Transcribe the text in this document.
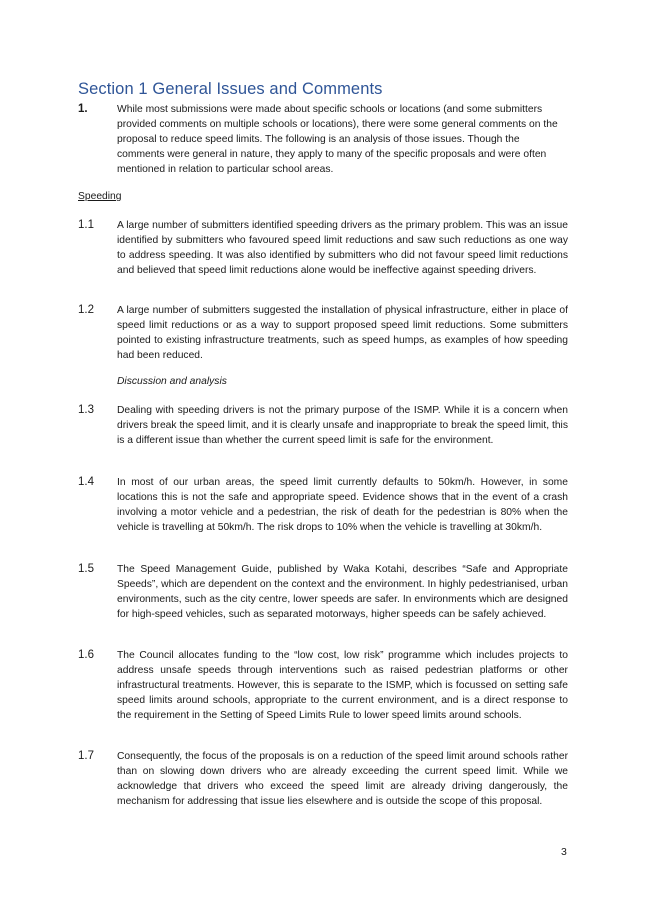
Section 1 General Issues and Comments
1.	While most submissions were made about specific schools or locations (and some submitters provided comments on multiple schools or locations), there were some general comments on the proposal to reduce speed limits. The following is an analysis of those issues. Though the comments were general in nature, they apply to many of the specific proposals and were often mentioned in relation to particular school areas.
Speeding
1.1	A large number of submitters identified speeding drivers as the primary problem. This was an issue identified by submitters who favoured speed limit reductions and saw such reductions as one way to address speeding. It was also identified by submitters who did not favour speed limit reductions and believed that speed limit reductions alone would be ineffective against speeding drivers.
1.2	A large number of submitters suggested the installation of physical infrastructure, either in place of speed limit reductions or as a way to support proposed speed limit reductions. Some submitters pointed to existing infrastructure treatments, such as speed humps, as examples of how speeding had been reduced.
Discussion and analysis
1.3	Dealing with speeding drivers is not the primary purpose of the ISMP. While it is a concern when drivers break the speed limit, and it is clearly unsafe and inappropriate to break the speed limit, this is a different issue than whether the current speed limit is safe for the environment.
1.4	In most of our urban areas, the speed limit currently defaults to 50km/h. However, in some locations this is not the safe and appropriate speed. Evidence shows that in the event of a crash involving a motor vehicle and a pedestrian, the risk of death for the pedestrian is 80% when the vehicle is travelling at 50km/h. The risk drops to 10% when the vehicle is travelling at 30km/h.
1.5	The Speed Management Guide, published by Waka Kotahi, describes “Safe and Appropriate Speeds”, which are dependent on the context and the environment. In highly pedestrianised, urban environments, such as the city centre, lower speeds are safer. In environments which are designed for high-speed vehicles, such as separated motorways, higher speeds can be safely achieved.
1.6	The Council allocates funding to the “low cost, low risk” programme which includes projects to address unsafe speeds through interventions such as raised pedestrian platforms or other infrastructural treatments. However, this is separate to the ISMP, which is focussed on setting safe speed limits around schools, appropriate to the current environment, and is a direct response to the requirement in the Setting of Speed Limits Rule to lower speed limits around schools.
1.7	Consequently, the focus of the proposals is on a reduction of the speed limit around schools rather than on slowing down drivers who are already exceeding the current speed limit. While we acknowledge that drivers who exceed the speed limit are already driving dangerously, the mechanism for addressing that issue lies elsewhere and is outside the scope of this proposal.
3
